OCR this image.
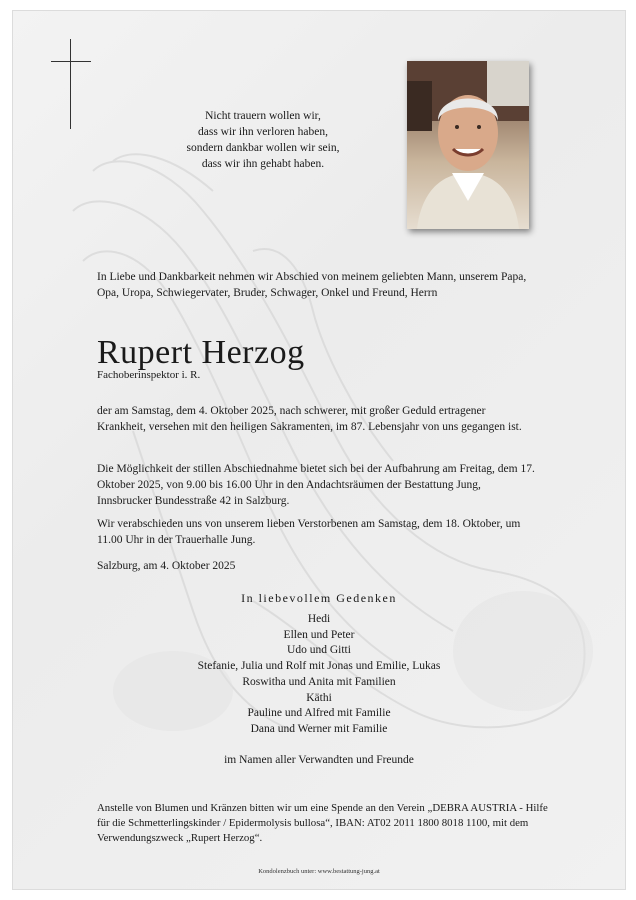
Nicht trauern wollen wir,
dass wir ihn verloren haben,
sondern dankbar wollen wir sein,
dass wir ihn gehabt haben.
In Liebe und Dankbarkeit nehmen wir Abschied von meinem geliebten Mann, unserem Papa, Opa, Uropa, Schwiegervater, Bruder, Schwager, Onkel und Freund, Herrn
Rupert Herzog
Fachoberinspektor i. R.
der am Samstag, dem 4. Oktober 2025, nach schwerer, mit großer Geduld ertragener Krankheit, versehen mit den heiligen Sakramenten, im 87. Lebensjahr von uns gegangen ist.
Die Möglichkeit der stillen Abschiednahme bietet sich bei der Aufbahrung am Freitag, dem 17. Oktober 2025, von 9.00 bis 16.00 Uhr in den Andachtsräumen der Bestattung Jung, Innsbrucker Bundesstraße 42 in Salzburg.
Wir verabschieden uns von unserem lieben Verstorbenen am Samstag, dem 18. Oktober, um 11.00 Uhr in der Trauerhalle Jung.
Salzburg, am 4. Oktober 2025
In liebevollem Gedenken
Hedi
Ellen und Peter
Udo und Gitti
Stefanie, Julia und Rolf mit Jonas und Emilie, Lukas
Roswitha und Anita mit Familien
Käthi
Pauline und Alfred mit Familie
Dana und Werner mit Familie
im Namen aller Verwandten und Freunde
Anstelle von Blumen und Kränzen bitten wir um eine Spende an den Verein „DEBRA AUSTRIA - Hilfe für die Schmetterlingskinder / Epidermolysis bullosa“, IBAN: AT02 2011 1800 8018 1100, mit dem Verwendungszweck „Rupert Herzog“.
Kondolenzbuch unter: www.bestattung-jung.at
